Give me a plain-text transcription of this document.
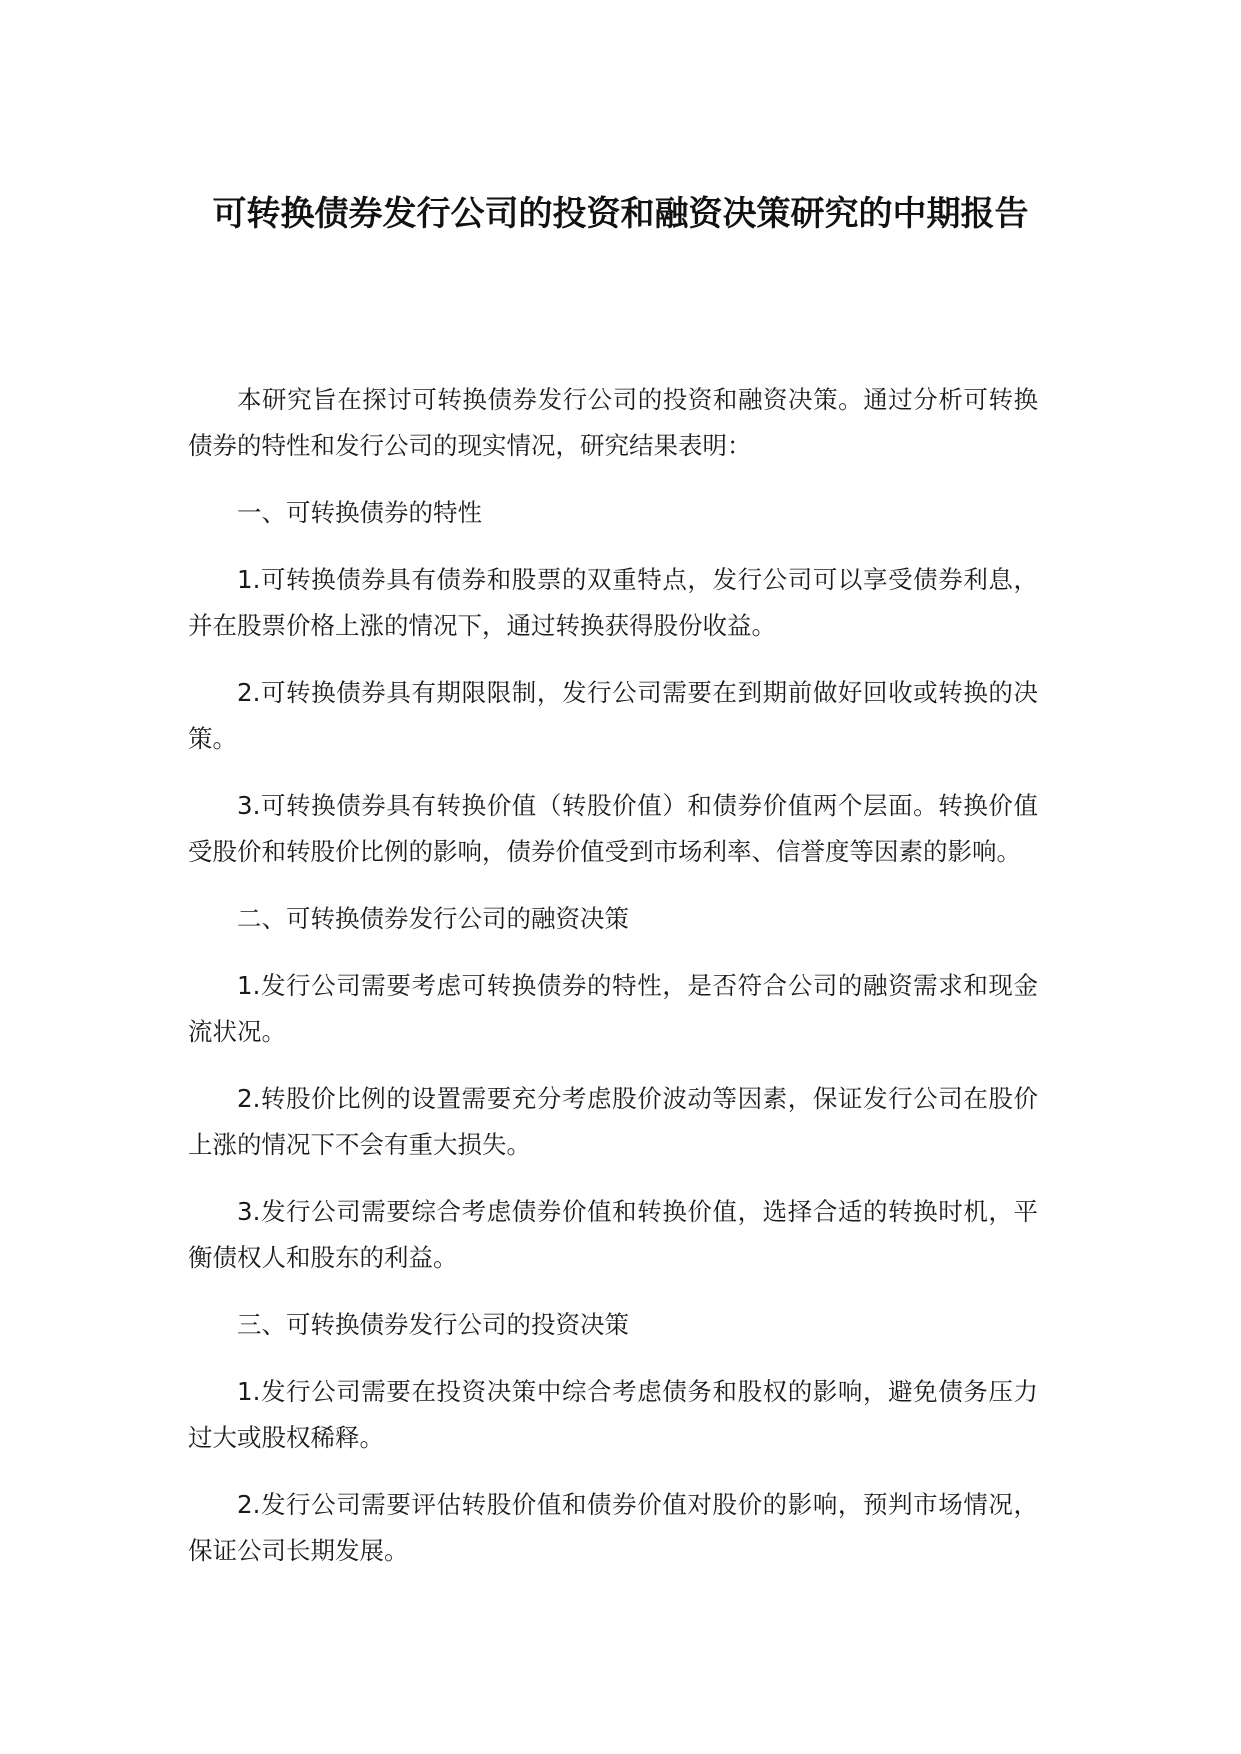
可转换债券发行公司的投资和融资决策研究的中期报告

本研究旨在探讨可转换债券发行公司的投资和融资决策。通过分析可转换债券的特性和发行公司的现实情况，研究结果表明：

一、可转换债券的特性

1.可转换债券具有债券和股票的双重特点，发行公司可以享受债券利息，并在股票价格上涨的情况下，通过转换获得股份收益。

2.可转换债券具有期限限制，发行公司需要在到期前做好回收或转换的决策。

3.可转换债券具有转换价值（转股价值）和债券价值两个层面。转换价值受股价和转股价比例的影响，债券价值受到市场利率、信誉度等因素的影响。

二、可转换债券发行公司的融资决策

1.发行公司需要考虑可转换债券的特性，是否符合公司的融资需求和现金流状况。

2.转股价比例的设置需要充分考虑股价波动等因素，保证发行公司在股价上涨的情况下不会有重大损失。

3.发行公司需要综合考虑债券价值和转换价值，选择合适的转换时机，平衡债权人和股东的利益。

三、可转换债券发行公司的投资决策

1.发行公司需要在投资决策中综合考虑债务和股权的影响，避免债务压力过大或股权稀释。

2.发行公司需要评估转股价值和债券价值对股价的影响，预判市场情况，保证公司长期发展。
